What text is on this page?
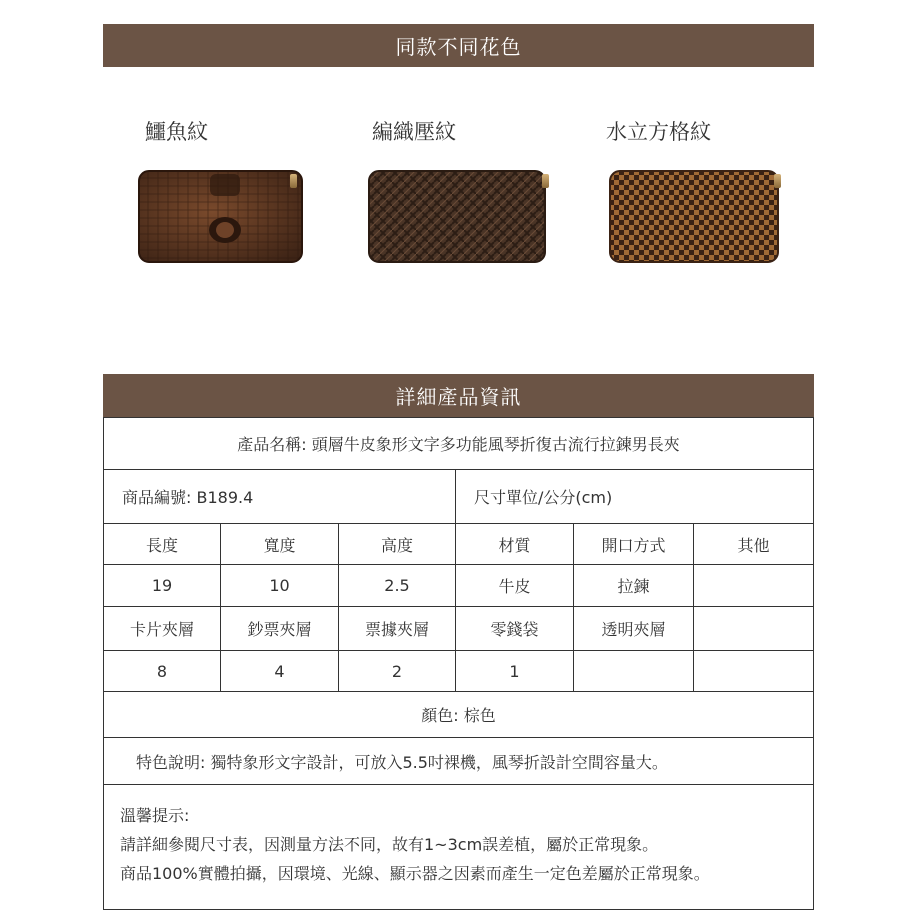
同款不同花色
鱷魚紋	編織壓紋	水立方格紋
詳細產品資訊
產品名稱: 頭層牛皮象形文字多功能風琴折復古流行拉鍊男長夾
商品編號: B189.4	尺寸單位/公分(cm)
長度	寬度	高度	材質	開口方式	其他
19	10	2.5	牛皮	拉鍊
卡片夾層	鈔票夾層	票據夾層	零錢袋	透明夾層
8	4	2	1
顏色: 棕色
特色說明: 獨特象形文字設計，可放入5.5吋裸機，風琴折設計空間容量大。
溫馨提示:
請詳細參閱尺寸表，因測量方法不同，故有1~3cm誤差植，屬於正常現象。
商品100%實體拍攝，因環境、光線、顯示器之因素而產生一定色差屬於正常現象。
